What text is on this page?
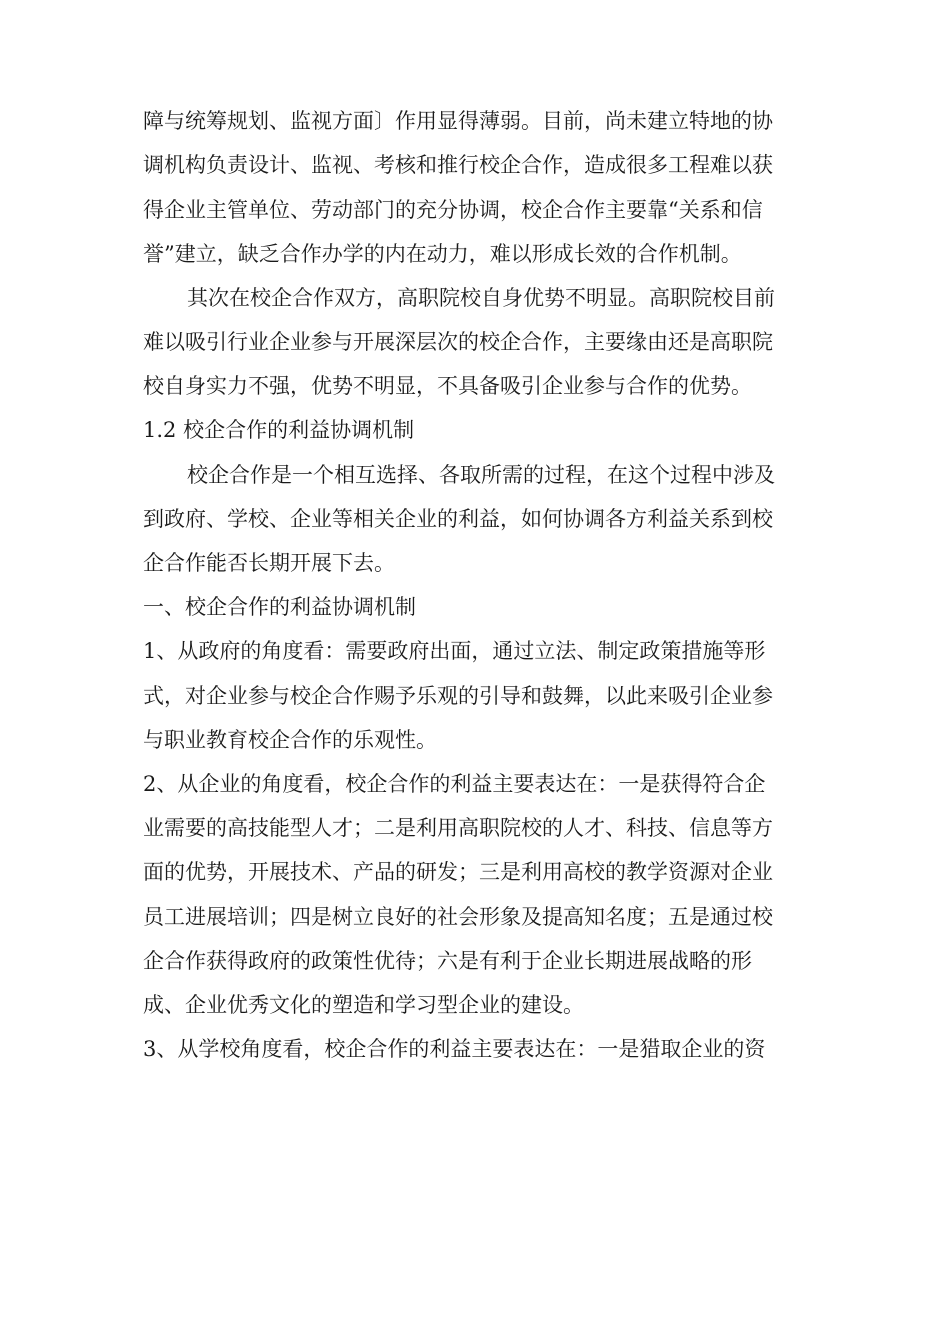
障与统筹规划、监视方面〕作用显得薄弱。目前，尚未建立特地的协
调机构负责设计、监视、考核和推行校企合作，造成很多工程难以获
得企业主管单位、劳动部门的充分协调，校企合作主要靠“关系和信
誉”建立，缺乏合作办学的内在动力，难以形成长效的合作机制。
其次在校企合作双方，高职院校自身优势不明显。高职院校目前
难以吸引行业企业参与开展深层次的校企合作，主要缘由还是高职院
校自身实力不强，优势不明显，不具备吸引企业参与合作的优势。
1.2 校企合作的利益协调机制
校企合作是一个相互选择、各取所需的过程，在这个过程中涉及
到政府、学校、企业等相关企业的利益，如何协调各方利益关系到校
企合作能否长期开展下去。
一、校企合作的利益协调机制
1、从政府的角度看：需要政府出面，通过立法、制定政策措施等形
式，对企业参与校企合作赐予乐观的引导和鼓舞，以此来吸引企业参
与职业教育校企合作的乐观性。
2、从企业的角度看，校企合作的利益主要表达在：一是获得符合企
业需要的高技能型人才；二是利用高职院校的人才、科技、信息等方
面的优势，开展技术、产品的研发；三是利用高校的教学资源对企业
员工进展培训；四是树立良好的社会形象及提高知名度；五是通过校
企合作获得政府的政策性优待；六是有利于企业长期进展战略的形
成、企业优秀文化的塑造和学习型企业的建设。
3、从学校角度看，校企合作的利益主要表达在：一是猎取企业的资
